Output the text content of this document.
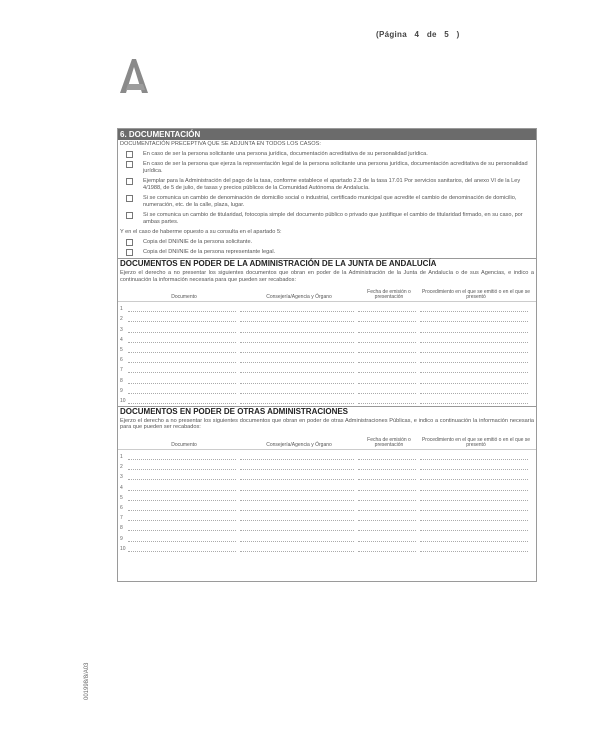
(Página 4 de 5 )
001998/8/A03
6. DOCUMENTACIÓN
DOCUMENTACIÓN PRECEPTIVA QUE SE ADJUNTA EN TODOS LOS CASOS:
En caso de ser la persona solicitante una persona jurídica, documentación acreditativa de su personalidad jurídica.
En caso de ser la persona que ejerza la representación legal de la persona solicitante una persona jurídica, documentación acreditativa de su personalidad jurídica.
Ejemplar para la Administración del pago de la tasa, conforme establece el apartado 2.3 de la tasa 17.01 Por servicios sanitarios, del anexo VI de la Ley 4/1988, de 5 de julio, de tasas y precios públicos de la Comunidad Autónoma de Andalucía.
Si se comunica un cambio de denominación de domicilio social o industrial, certificado municipal que acredite el cambio de denominación de domicilio, numeración, etc. de la calle, plaza, lugar.
Si se comunica un cambio de titularidad, fotocopia simple del documento público o privado que justifique el cambio de titularidad firmado, en su caso, por ambas partes.
Y en el caso de haberme opuesto a su consulta en el apartado 5:
Copia del DNI/NIE de la persona solicitante.
Copia del DNI/NIE de la persona representante legal.
DOCUMENTOS EN PODER DE LA ADMINISTRACIÓN DE LA JUNTA DE ANDALUCÍA
Ejerzo el derecho a no presentar los siguientes documentos que obran en poder de la Administración de la Junta de Andalucía o de sus Agencias, e indico a continuación la información necesaria para que pueden ser recabados:
Documento	Consejería/Agencia y Órgano
Fecha de emisión o presentación
Procedimiento en el que se emitió o en el que se presentó
1
2
3
4
5
6
7
8
9
10
DOCUMENTOS EN PODER DE OTRAS ADMINISTRACIONES
Ejerzo el derecho a no presentar los siguientes documentos que obran en poder de otras Administraciones Públicas, e indico a continuación la información necesaria para que pueden ser recabados:
Documento	Consejería/Agencia y Órgano
Fecha de emisión o presentación
Procedimiento en el que se emitió o en el que se presentó
1
2
3
4
5
6
7
8
9
10
